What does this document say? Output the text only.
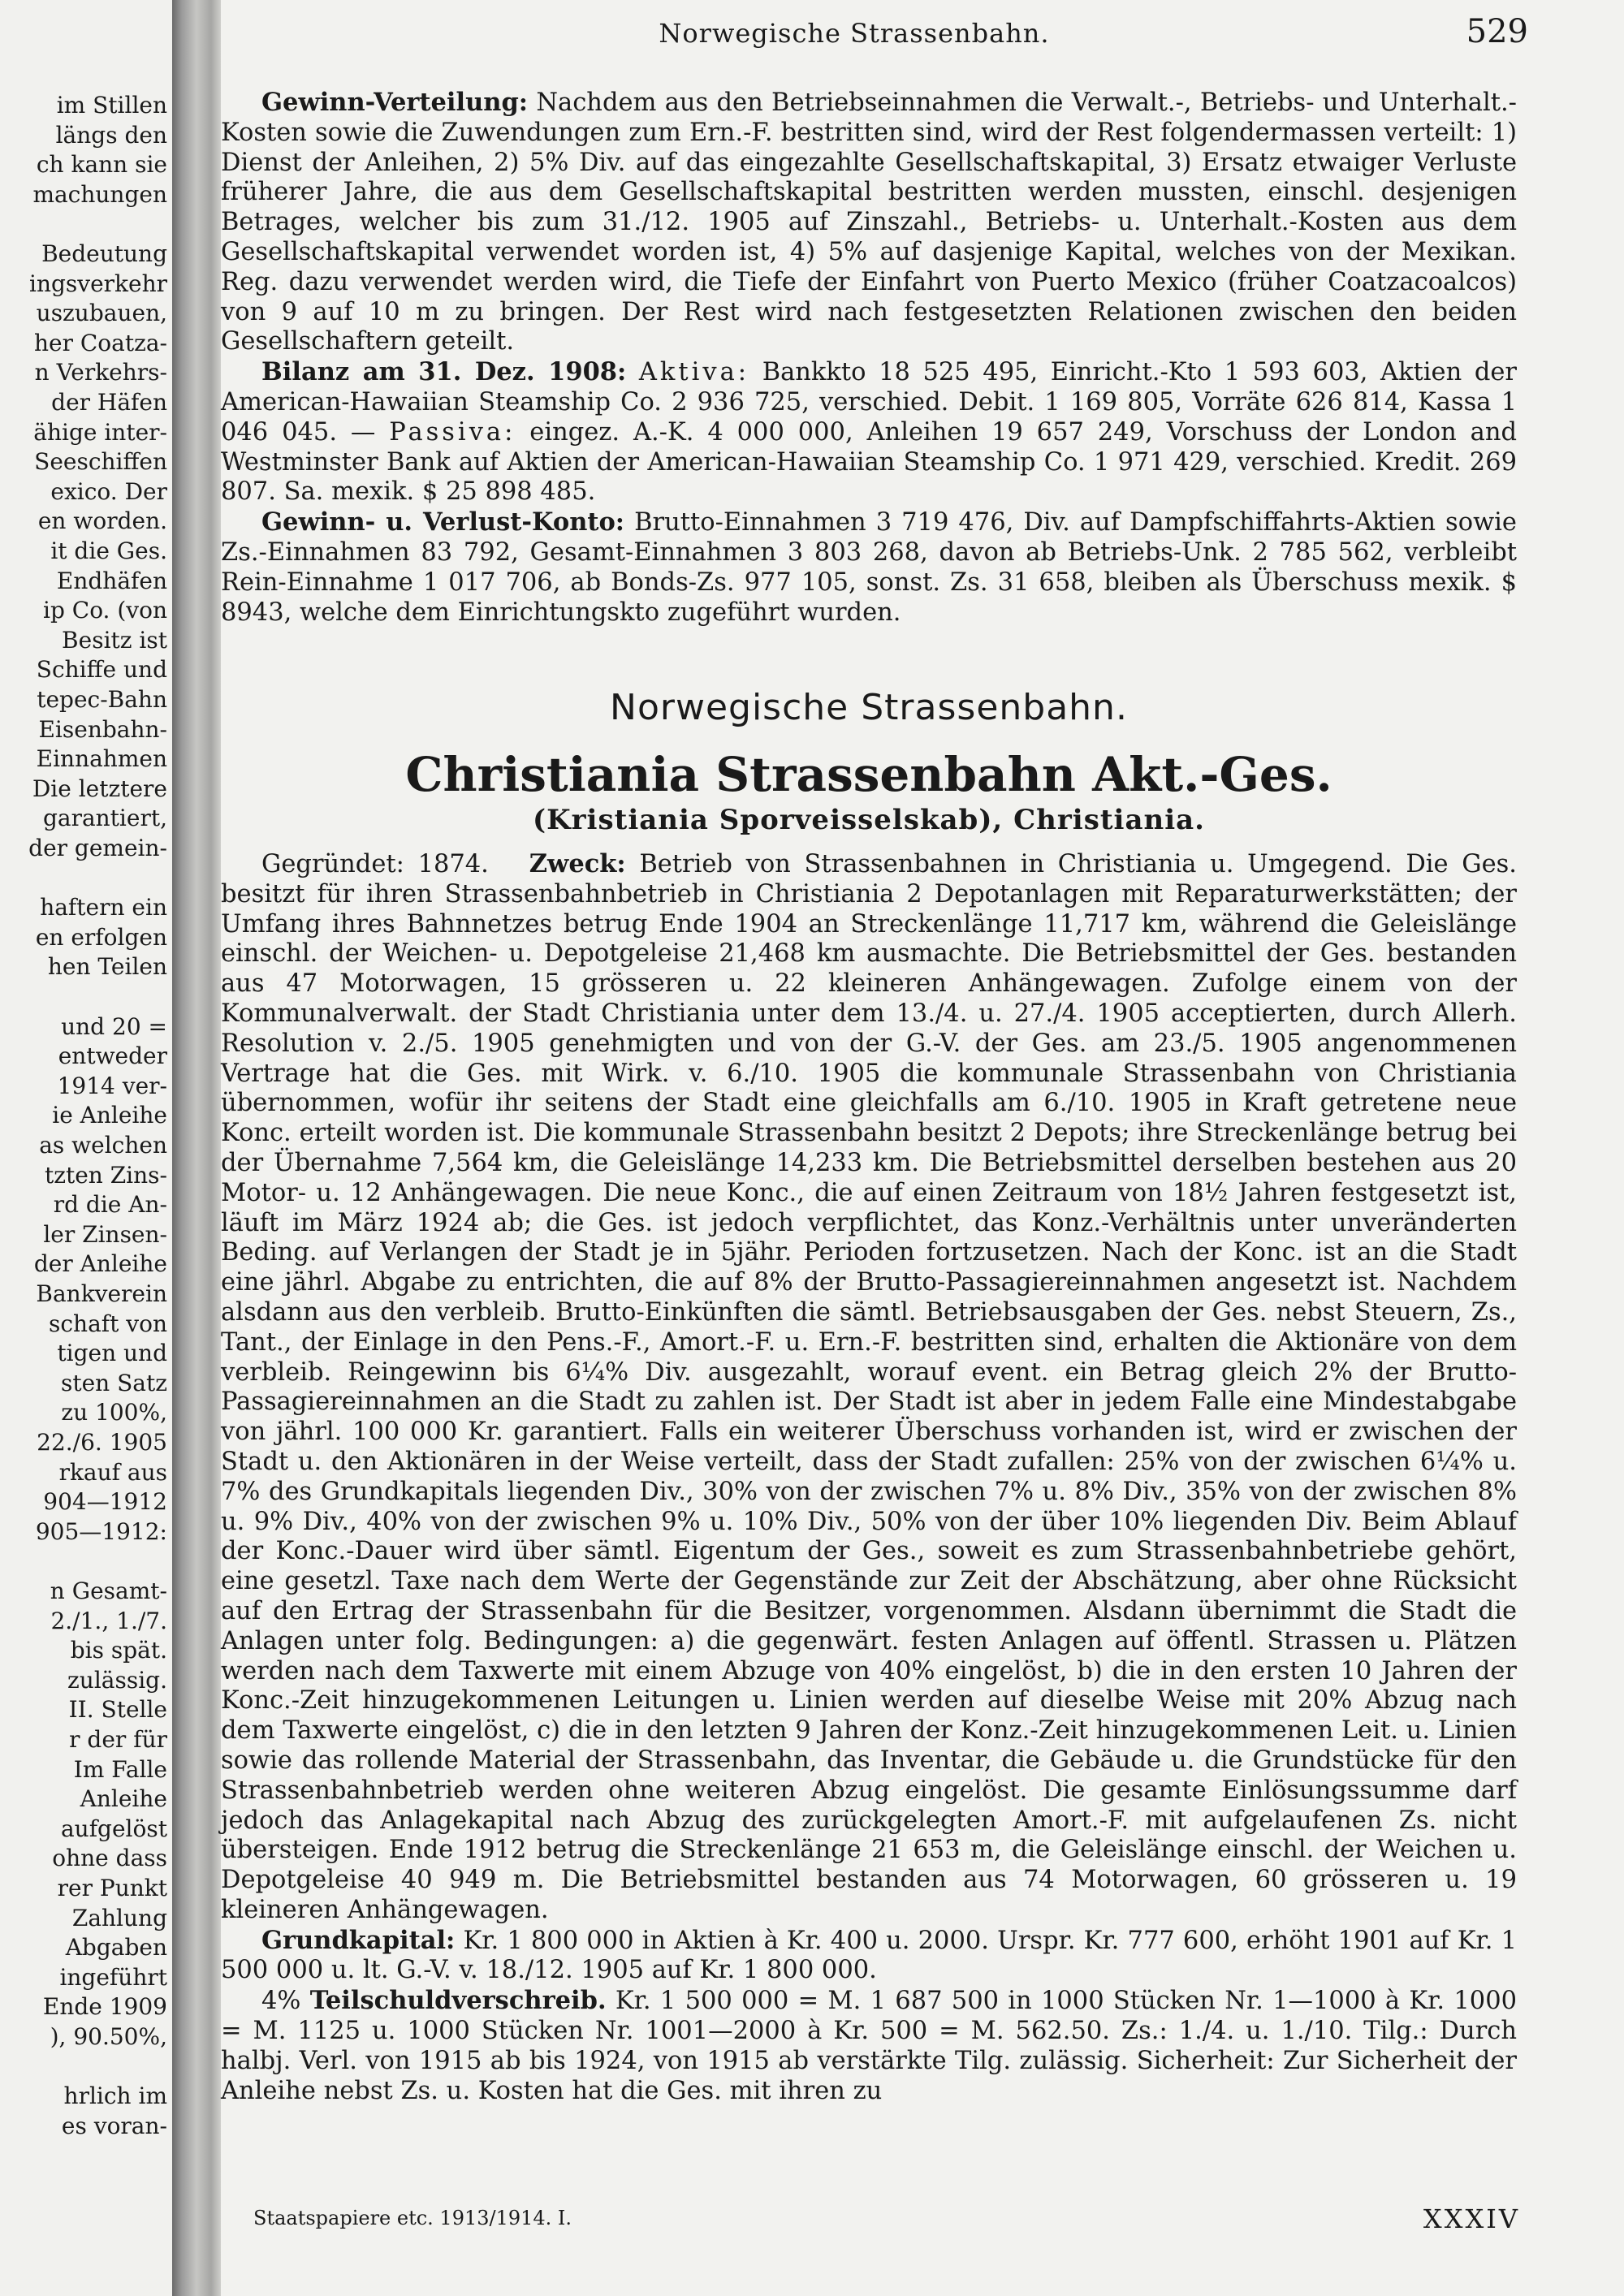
im Stillen
längs den
ch kann sie
machungen
Bedeutung
ingsverkehr
uszubauen,
her Coatza-
n Verkehrs-
der Häfen
ähige inter-
Seeschiffen
exico. Der
en worden.
it die Ges.
Endhäfen
ip Co. (von
Besitz ist
Schiffe und
tepec-Bahn
Eisenbahn-
Einnahmen
Die letztere
garantiert,
der gemein-
haftern ein
en erfolgen
hen Teilen
und 20 =
entweder
1914 ver-
ie Anleihe
as welchen
tzten Zins-
rd die An-
ler Zinsen-
der Anleihe
Bankverein
schaft von
tigen und
sten Satz
zu 100%,
22./6. 1905
rkauf aus
904—1912
905—1912:
n Gesamt-
2./1., 1./7.
bis spät.
zulässig.
II. Stelle
r der für
Im Falle
Anleihe
aufgelöst
ohne dass
rer Punkt
Zahlung
Abgaben
ingeführt
Ende 1909
), 90.50%,
hrlich im
es voran-
Norwegische Strassenbahn.	529

Gewinn-Verteilung: Nachdem aus den Betriebseinnahmen die Verwalt.-, Betriebs- und Unterhalt.-Kosten sowie die Zuwendungen zum Ern.-F. bestritten sind, wird der Rest folgendermassen verteilt: 1) Dienst der Anleihen, 2) 5% Div. auf das eingezahlte Gesellschaftskapital, 3) Ersatz etwaiger Verluste früherer Jahre, die aus dem Gesellschaftskapital bestritten werden mussten, einschl. desjenigen Betrages, welcher bis zum 31./12. 1905 auf Zinszahl., Betriebs- u. Unterhalt.-Kosten aus dem Gesellschaftskapital verwendet worden ist, 4) 5% auf dasjenige Kapital, welches von der Mexikan. Reg. dazu verwendet werden wird, die Tiefe der Einfahrt von Puerto Mexico (früher Coatzacoalcos) von 9 auf 10 m zu bringen. Der Rest wird nach festgesetzten Relationen zwischen den beiden Gesellschaftern geteilt.

Bilanz am 31. Dez. 1908: Aktiva: Bankkto 18 525 495, Einricht.-Kto 1 593 603, Aktien der American-Hawaiian Steamship Co. 2 936 725, verschied. Debit. 1 169 805, Vorräte 626 814, Kassa 1 046 045. — Passiva: eingez. A.-K. 4 000 000, Anleihen 19 657 249, Vorschuss der London and Westminster Bank auf Aktien der American-Hawaiian Steamship Co. 1 971 429, verschied. Kredit. 269 807. Sa. mexik. $ 25 898 485.

Gewinn- u. Verlust-Konto: Brutto-Einnahmen 3 719 476, Div. auf Dampfschiffahrts-Aktien sowie Zs.-Einnahmen 83 792, Gesamt-Einnahmen 3 803 268, davon ab Betriebs-Unk. 2 785 562, verbleibt Rein-Einnahme 1 017 706, ab Bonds-Zs. 977 105, sonst. Zs. 31 658, bleiben als Überschuss mexik. $ 8943, welche dem Einrichtungskto zugeführt wurden.

Norwegische Strassenbahn.
Christiania Strassenbahn Akt.-Ges.
(Kristiania Sporveisselskab), Christiania.

Gegründet: 1874. Zweck: Betrieb von Strassenbahnen in Christiania u. Umgegend. Die Ges. besitzt für ihren Strassenbahnbetrieb in Christiania 2 Depotanlagen mit Reparaturwerkstätten; der Umfang ihres Bahnnetzes betrug Ende 1904 an Streckenlänge 11,717 km, während die Geleislänge einschl. der Weichen- u. Depotgeleise 21,468 km ausmachte. Die Betriebsmittel der Ges. bestanden aus 47 Motorwagen, 15 grösseren u. 22 kleineren Anhängewagen. Zufolge einem von der Kommunalverwalt. der Stadt Christiania unter dem 13./4. u. 27./4. 1905 acceptierten, durch Allerh. Resolution v. 2./5. 1905 genehmigten und von der G.-V. der Ges. am 23./5. 1905 angenommenen Vertrage hat die Ges. mit Wirk. v. 6./10. 1905 die kommunale Strassenbahn von Christiania übernommen, wofür ihr seitens der Stadt eine gleichfalls am 6./10. 1905 in Kraft getretene neue Konc. erteilt worden ist. Die kommunale Strassenbahn besitzt 2 Depots; ihre Streckenlänge betrug bei der Übernahme 7,564 km, die Geleislänge 14,233 km. Die Betriebsmittel derselben bestehen aus 20 Motor- u. 12 Anhängewagen. Die neue Konc., die auf einen Zeitraum von 18½ Jahren festgesetzt ist, läuft im März 1924 ab; die Ges. ist jedoch verpflichtet, das Konz.-Verhältnis unter unveränderten Beding. auf Verlangen der Stadt je in 5jähr. Perioden fortzusetzen. Nach der Konc. ist an die Stadt eine jährl. Abgabe zu entrichten, die auf 8% der Brutto-Passagiereinnahmen angesetzt ist. Nachdem alsdann aus den verbleib. Brutto-Einkünften die sämtl. Betriebsausgaben der Ges. nebst Steuern, Zs., Tant., der Einlage in den Pens.-F., Amort.-F. u. Ern.-F. bestritten sind, erhalten die Aktionäre von dem verbleib. Reingewinn bis 6¼% Div. ausgezahlt, worauf event. ein Betrag gleich 2% der Brutto-Passagiereinnahmen an die Stadt zu zahlen ist. Der Stadt ist aber in jedem Falle eine Mindestabgabe von jährl. 100 000 Kr. garantiert. Falls ein weiterer Überschuss vorhanden ist, wird er zwischen der Stadt u. den Aktionären in der Weise verteilt, dass der Stadt zufallen: 25% von der zwischen 6¼% u. 7% des Grundkapitals liegenden Div., 30% von der zwischen 7% u. 8% Div., 35% von der zwischen 8% u. 9% Div., 40% von der zwischen 9% u. 10% Div., 50% von der über 10% liegenden Div. Beim Ablauf der Konc.-Dauer wird über sämtl. Eigentum der Ges., soweit es zum Strassenbahnbetriebe gehört, eine gesetzl. Taxe nach dem Werte der Gegenstände zur Zeit der Abschätzung, aber ohne Rücksicht auf den Ertrag der Strassenbahn für die Besitzer, vorgenommen. Alsdann übernimmt die Stadt die Anlagen unter folg. Bedingungen: a) die gegenwärt. festen Anlagen auf öffentl. Strassen u. Plätzen werden nach dem Taxwerte mit einem Abzuge von 40% eingelöst, b) die in den ersten 10 Jahren der Konc.-Zeit hinzugekommenen Leitungen u. Linien werden auf dieselbe Weise mit 20% Abzug nach dem Taxwerte eingelöst, c) die in den letzten 9 Jahren der Konz.-Zeit hinzugekommenen Leit. u. Linien sowie das rollende Material der Strassenbahn, das Inventar, die Gebäude u. die Grundstücke für den Strassenbahnbetrieb werden ohne weiteren Abzug eingelöst. Die gesamte Einlösungssumme darf jedoch das Anlagekapital nach Abzug des zurückgelegten Amort.-F. mit aufgelaufenen Zs. nicht übersteigen. Ende 1912 betrug die Streckenlänge 21 653 m, die Geleislänge einschl. der Weichen u. Depotgeleise 40 949 m. Die Betriebsmittel bestanden aus 74 Motorwagen, 60 grösseren u. 19 kleineren Anhängewagen.

Grundkapital: Kr. 1 800 000 in Aktien à Kr. 400 u. 2000. Urspr. Kr. 777 600, erhöht 1901 auf Kr. 1 500 000 u. lt. G.-V. v. 18./12. 1905 auf Kr. 1 800 000.

4% Teilschuldverschreib. Kr. 1 500 000 = M. 1 687 500 in 1000 Stücken Nr. 1—1000 à Kr. 1000 = M. 1125 u. 1000 Stücken Nr. 1001—2000 à Kr. 500 = M. 562.50. Zs.: 1./4. u. 1./10. Tilg.: Durch halbj. Verl. von 1915 ab bis 1924, von 1915 ab verstärkte Tilg. zulässig. Sicherheit: Zur Sicherheit der Anleihe nebst Zs. u. Kosten hat die Ges. mit ihren zu

Staatspapiere etc. 1913/1914. I.	XXXIV
